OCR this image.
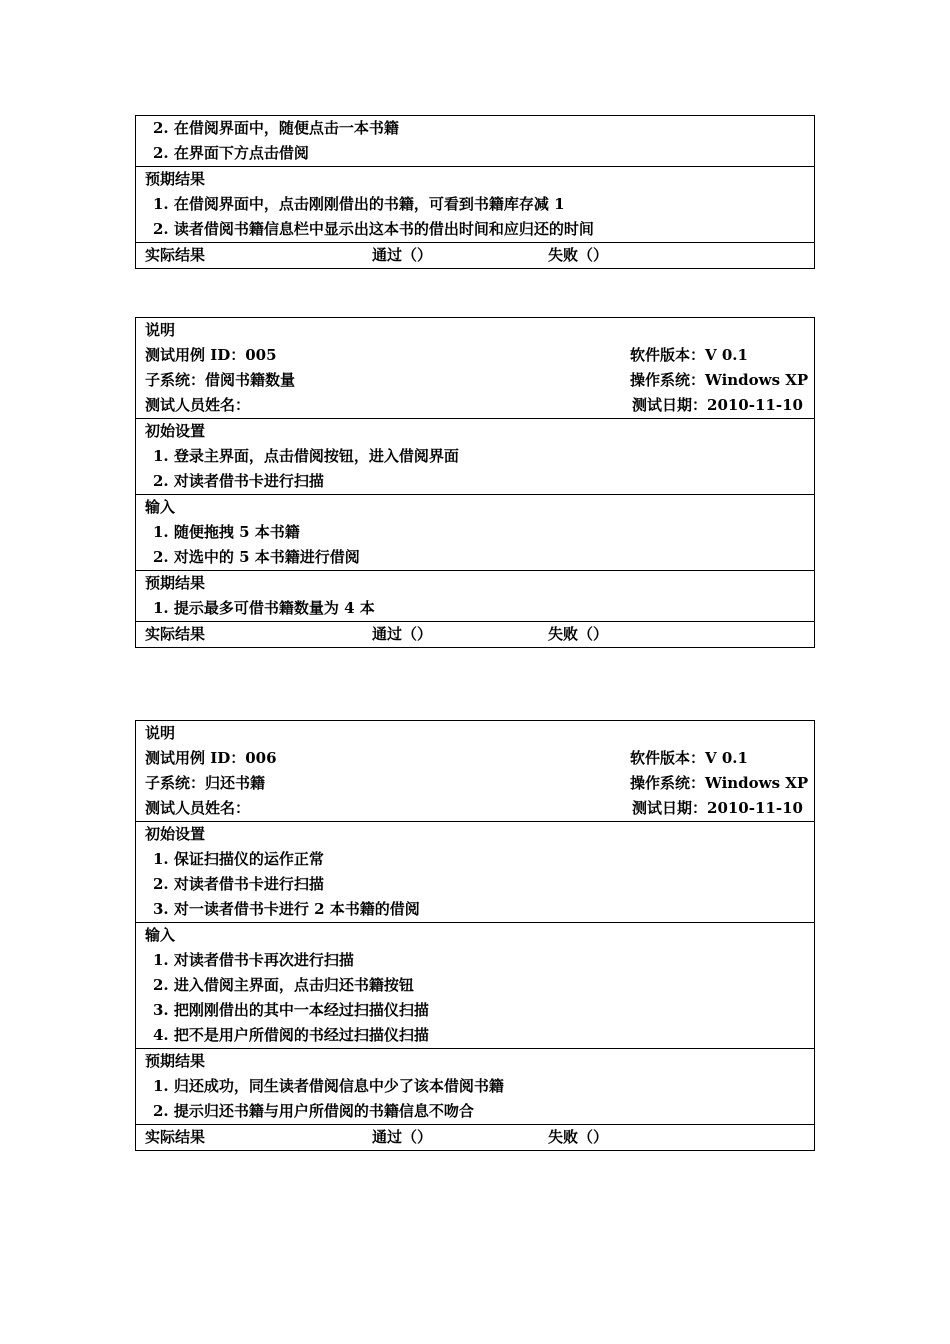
2. 在借阅界面中，随便点击一本书籍
2. 在界面下方点击借阅
预期结果
1. 在借阅界面中，点击刚刚借出的书籍，可看到书籍库存减 1
2. 读者借阅书籍信息栏中显示出这本书的借出时间和应归还的时间
实际结果	通过（）	失败（）
说明
测试用例 ID：005	软件版本：V 0.1
子系统：借阅书籍数量	操作系统：Windows XP
测试人员姓名：	测试日期：2010-11-10
初始设置
1. 登录主界面，点击借阅按钮，进入借阅界面
2. 对读者借书卡进行扫描
输入
1. 随便拖拽 5 本书籍
2. 对选中的 5 本书籍进行借阅
预期结果
1. 提示最多可借书籍数量为 4 本
实际结果	通过（）	失败（）
说明
测试用例 ID：006	软件版本：V 0.1
子系统：归还书籍	操作系统：Windows XP
测试人员姓名：	测试日期：2010-11-10
初始设置
1. 保证扫描仪的运作正常
2. 对读者借书卡进行扫描
3. 对一读者借书卡进行 2 本书籍的借阅
输入
1. 对读者借书卡再次进行扫描
2. 进入借阅主界面，点击归还书籍按钮
3. 把刚刚借出的其中一本经过扫描仪扫描
4. 把不是用户所借阅的书经过扫描仪扫描
预期结果
1. 归还成功，同生读者借阅信息中少了该本借阅书籍
2. 提示归还书籍与用户所借阅的书籍信息不吻合
实际结果	通过（）	失败（）
